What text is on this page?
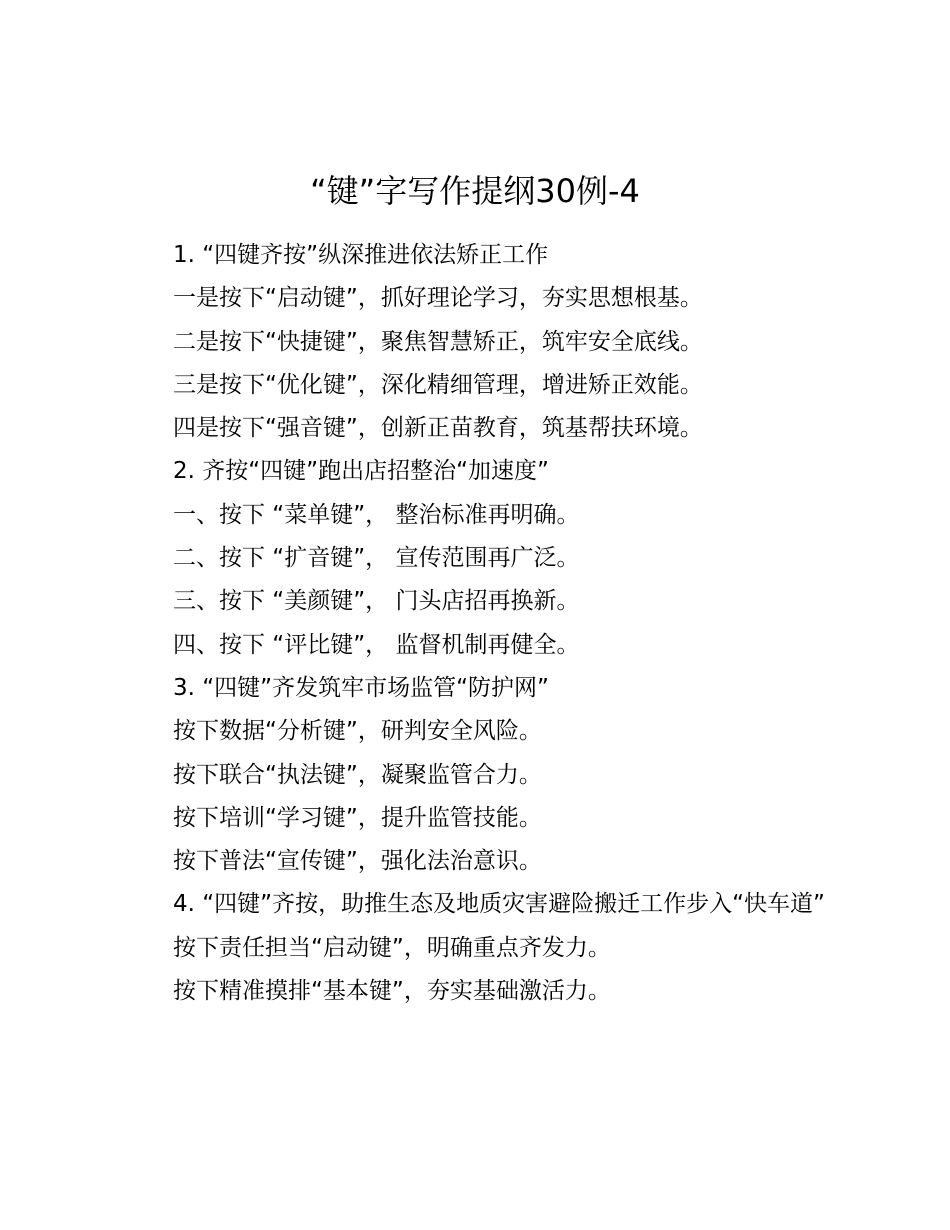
“键”字写作提纲30例-4

1. “四键齐按”纵深推进依法矫正工作

一是按下“启动键”，抓好理论学习，夯实思想根基。

二是按下“快捷键”，聚焦智慧矫正，筑牢安全底线。

三是按下“优化键”，深化精细管理，增进矫正效能。

四是按下“强音键”，创新正苗教育，筑基帮扶环境。

2. 齐按“四键”跑出店招整治“加速度”

一、按下 “菜单键”， 整治标准再明确。

二、按下 “扩音键”， 宣传范围再广泛。

三、按下 “美颜键”， 门头店招再换新。

四、按下 “评比键”， 监督机制再健全。

3. “四键”齐发筑牢市场监管“防护网”

按下数据“分析键”，研判安全风险。

按下联合“执法键”，凝聚监管合力。

按下培训“学习键”，提升监管技能。

按下普法“宣传键”，强化法治意识。

4. “四键”齐按，助推生态及地质灾害避险搬迁工作步入“快车道”

按下责任担当“启动键”，明确重点齐发力。

按下精准摸排“基本键”，夯实基础激活力。
